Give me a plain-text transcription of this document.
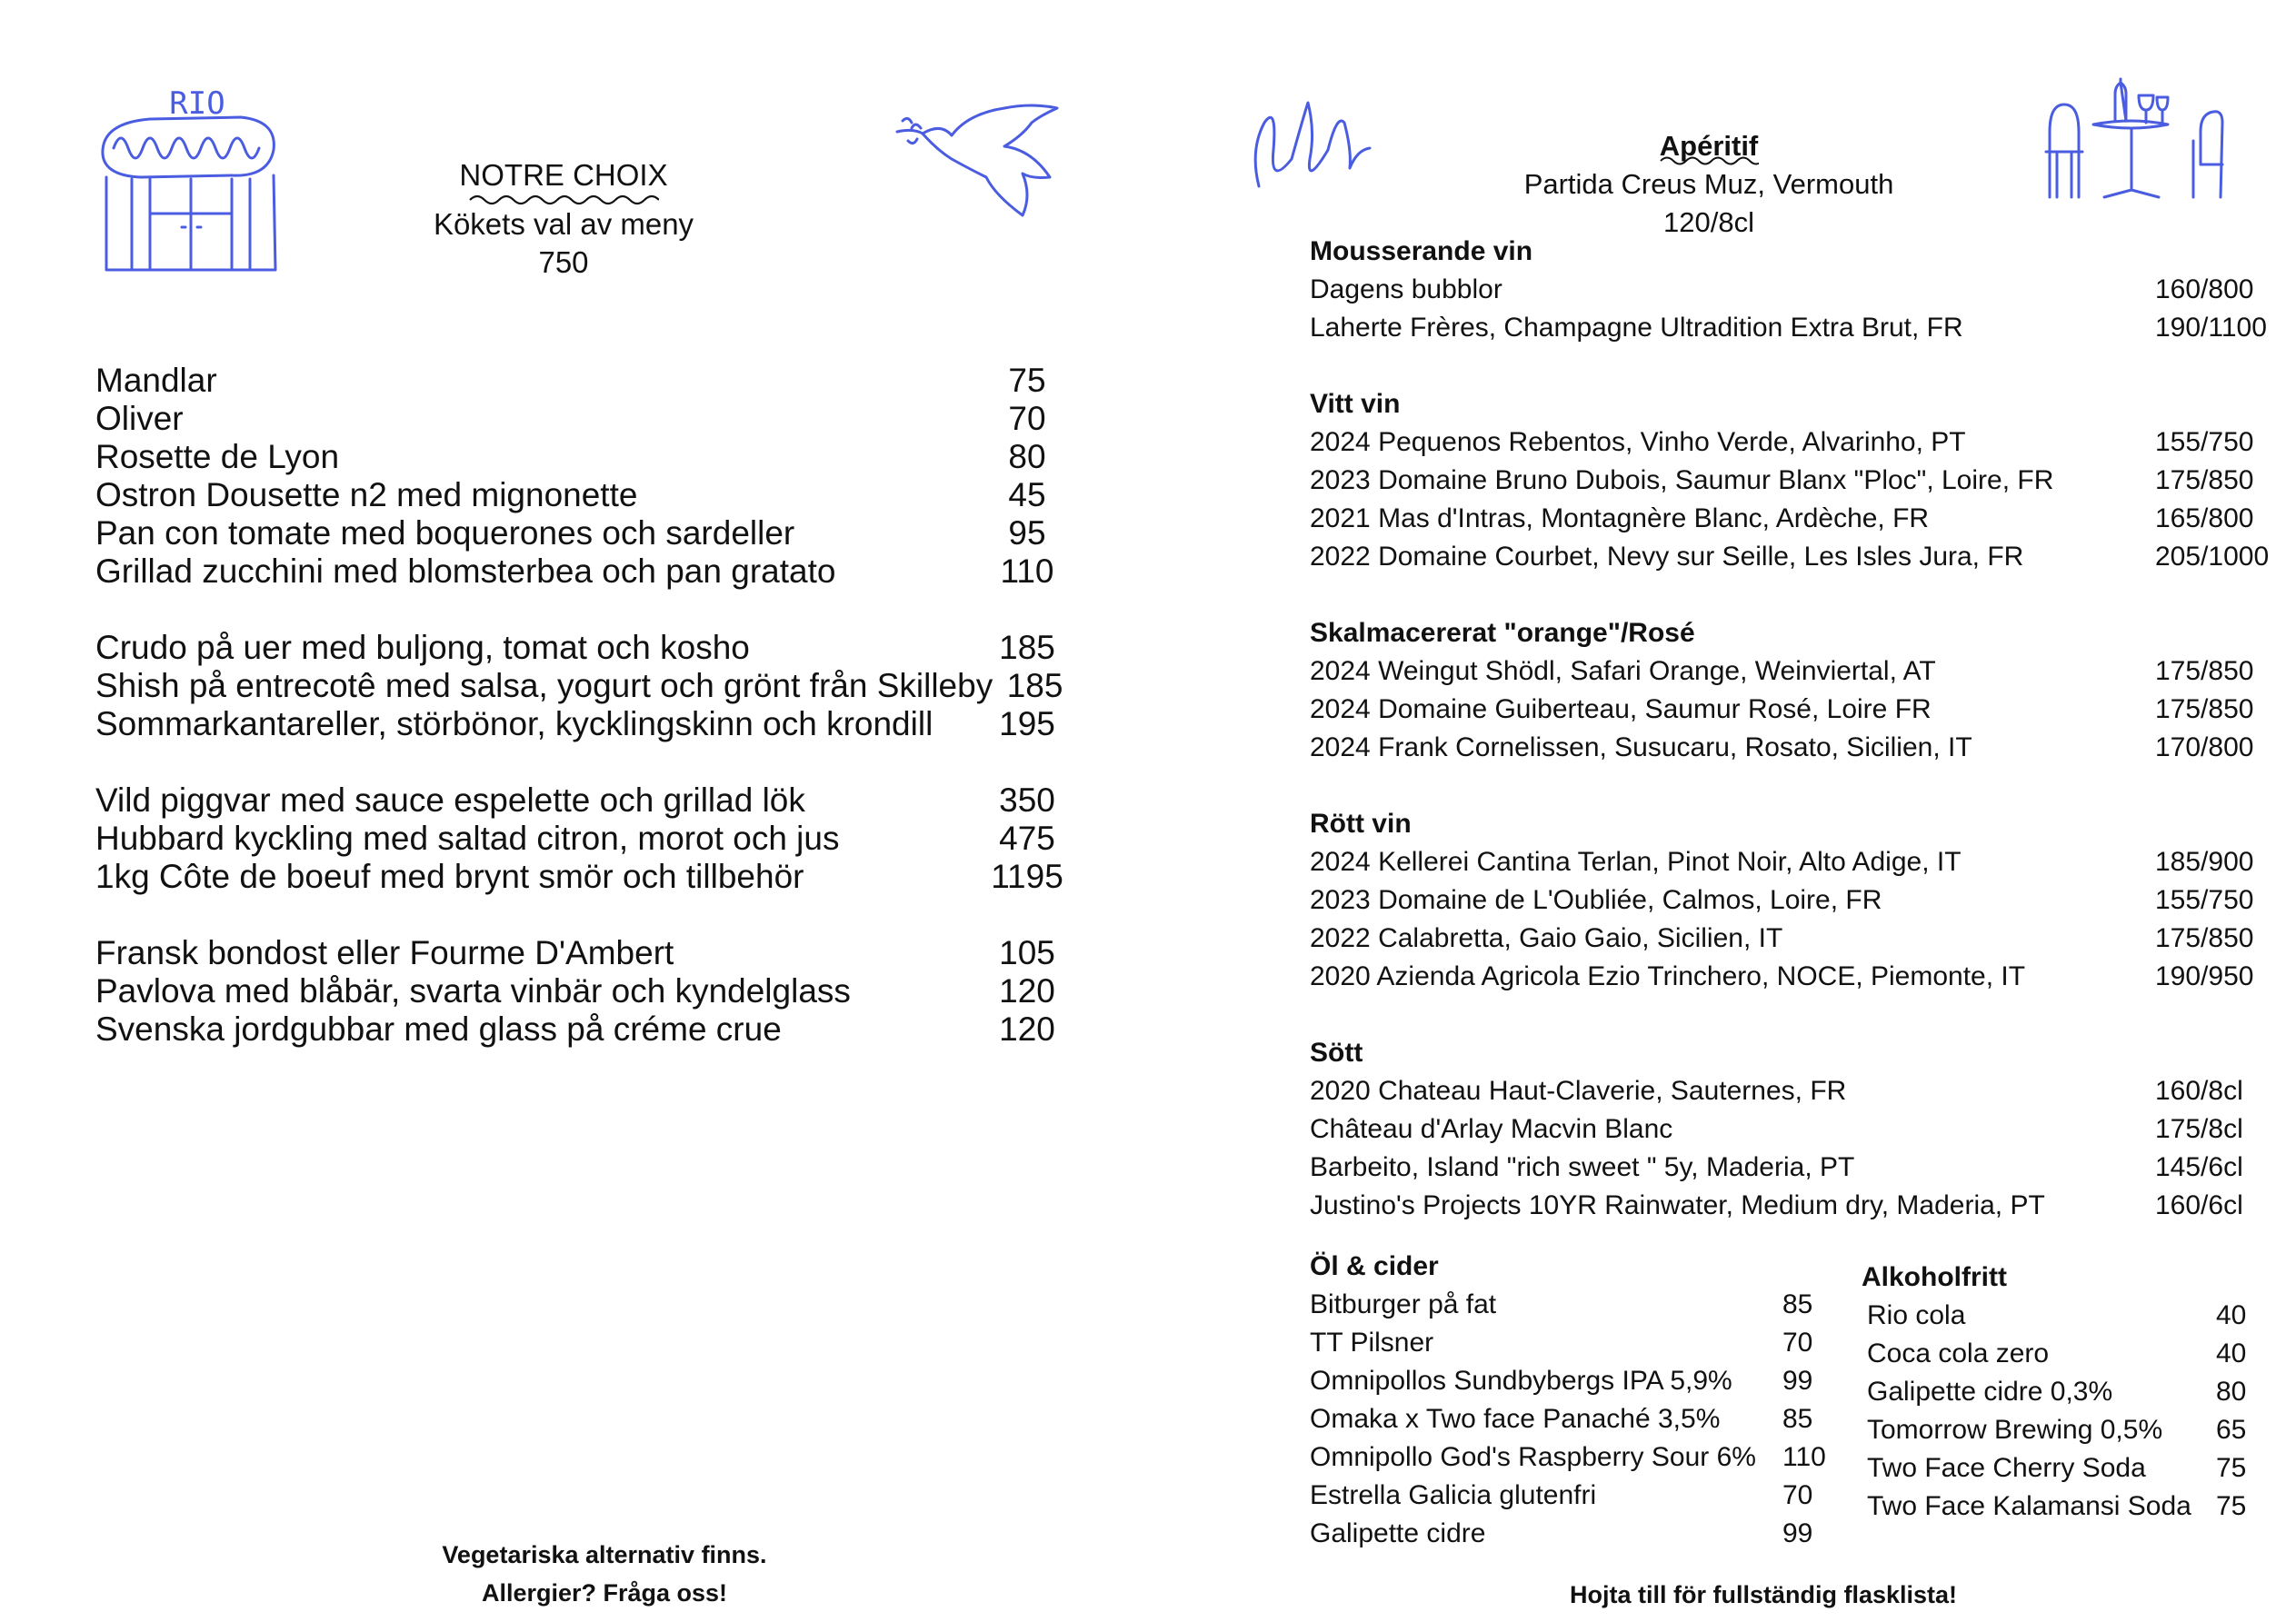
RIO
NOTRE CHOIX
Kökets val av meny
750
Mandlar	75
Oliver	70
Rosette de Lyon	80
Ostron Dousette n2 med mignonette	45
Pan con tomate med boquerones och sardeller	95
Grillad zucchini med blomsterbea och pan gratato	110
Crudo på uer med buljong, tomat och kosho	185
Shish på entrecotê med salsa, yogurt och grönt från Skilleby 185
Sommarkantareller, störbönor, kycklingskinn och krondill	195
Vild piggvar med sauce espelette och grillad lök	350
Hubbard kyckling med saltad citron, morot och jus	475
1kg Côte de boeuf med brynt smör och tillbehör	1195
Fransk bondost eller Fourme D'Ambert	105
Pavlova med blåbär, svarta vinbär och kyndelglass	120
Svenska jordgubbar med glass på créme crue	120
Vegetariska alternativ finns.
Allergier? Fråga oss!
Apéritif
Partida Creus Muz, Vermouth
120/8cl
Mousserande vin
Dagens bubblor	160/800
Laherte Frères, Champagne Ultradition Extra Brut, FR	190/1100
Vitt vin
2024 Pequenos Rebentos, Vinho Verde, Alvarinho, PT	155/750
2023 Domaine Bruno Dubois, Saumur Blanx "Ploc", Loire, FR	175/850
2021 Mas d'Intras, Montagnère Blanc, Ardèche, FR	165/800
2022 Domaine Courbet, Nevy sur Seille, Les Isles Jura, FR	205/1000
Skalmacererat "orange"/Rosé
2024 Weingut Shödl, Safari Orange, Weinviertal, AT	175/850
2024 Domaine Guiberteau, Saumur Rosé, Loire FR	175/850
2024 Frank Cornelissen, Susucaru, Rosato, Sicilien, IT	170/800
Rött vin
2024 Kellerei Cantina Terlan, Pinot Noir, Alto Adige, IT	185/900
2023 Domaine de L'Oubliée, Calmos, Loire, FR	155/750
2022 Calabretta, Gaio Gaio, Sicilien, IT	175/850
2020 Azienda Agricola Ezio Trinchero, NOCE, Piemonte, IT	190/950
Sött
2020 Chateau Haut-Claverie, Sauternes, FR	160/8cl
Château d'Arlay Macvin Blanc	175/8cl
Barbeito, Island "rich sweet " 5y, Maderia, PT	145/6cl
Justino's Projects 10YR Rainwater, Medium dry, Maderia, PT	160/6cl
Öl & cider
Bitburger på fat	85
TT Pilsner	70
Omnipollos Sundbybergs IPA 5,9% 99
Omaka x Two face Panaché 3,5% 85
Omnipollo God's Raspberry Sour 6% 110
Estrella Galicia glutenfri	70
Galipette cidre	99
Alkoholfritt
Rio cola	40
Coca cola zero	40
Galipette cidre 0,3%	80
Tomorrow Brewing 0,5% 65
Two Face Cherry Soda	75
Two Face Kalamansi Soda 75
Hojta till för fullständig flasklista!
